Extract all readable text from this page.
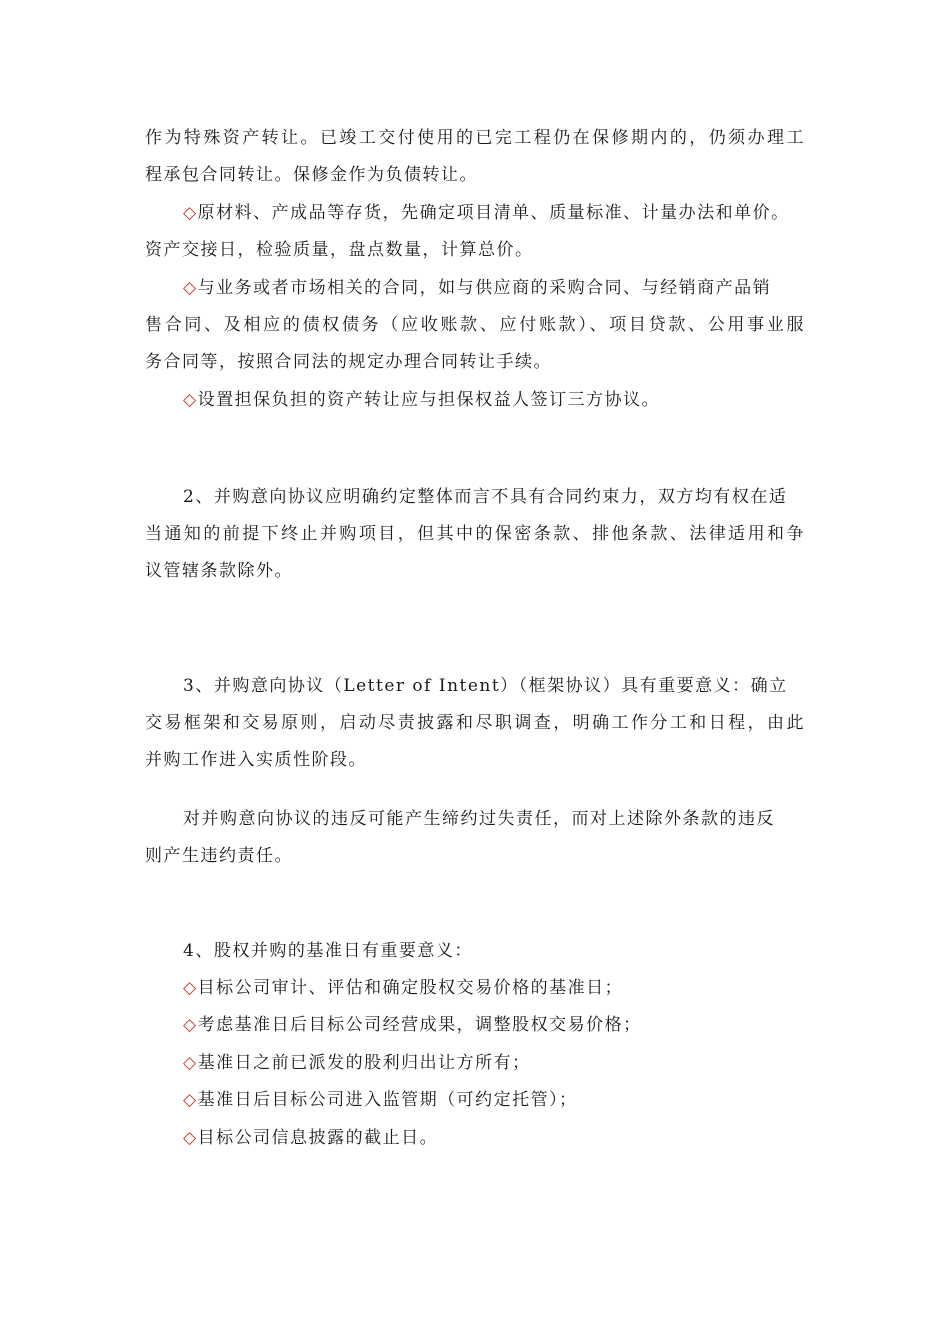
作为特殊资产转让。已竣工交付使用的已完工程仍在保修期内的，仍须办理工
程承包合同转让。保修金作为负债转让。
◇原材料、产成品等存货，先确定项目清单、质量标准、计量办法和单价。
资产交接日，检验质量，盘点数量，计算总价。
◇与业务或者市场相关的合同，如与供应商的采购合同、与经销商产品销
售合同、及相应的债权债务（应收账款、应付账款）、项目贷款、公用事业服
务合同等，按照合同法的规定办理合同转让手续。
◇设置担保负担的资产转让应与担保权益人签订三方协议。
2、并购意向协议应明确约定整体而言不具有合同约束力，双方均有权在适
当通知的前提下终止并购项目，但其中的保密条款、排他条款、法律适用和争
议管辖条款除外。
3、并购意向协议（Letter of Intent）（框架协议）具有重要意义：确立
交易框架和交易原则，启动尽责披露和尽职调查，明确工作分工和日程，由此
并购工作进入实质性阶段。
对并购意向协议的违反可能产生缔约过失责任，而对上述除外条款的违反
则产生违约责任。
4、股权并购的基准日有重要意义：
◇目标公司审计、评估和确定股权交易价格的基准日；
◇考虑基准日后目标公司经营成果，调整股权交易价格；
◇基准日之前已派发的股利归出让方所有；
◇基准日后目标公司进入监管期（可约定托管）；
◇目标公司信息披露的截止日。
